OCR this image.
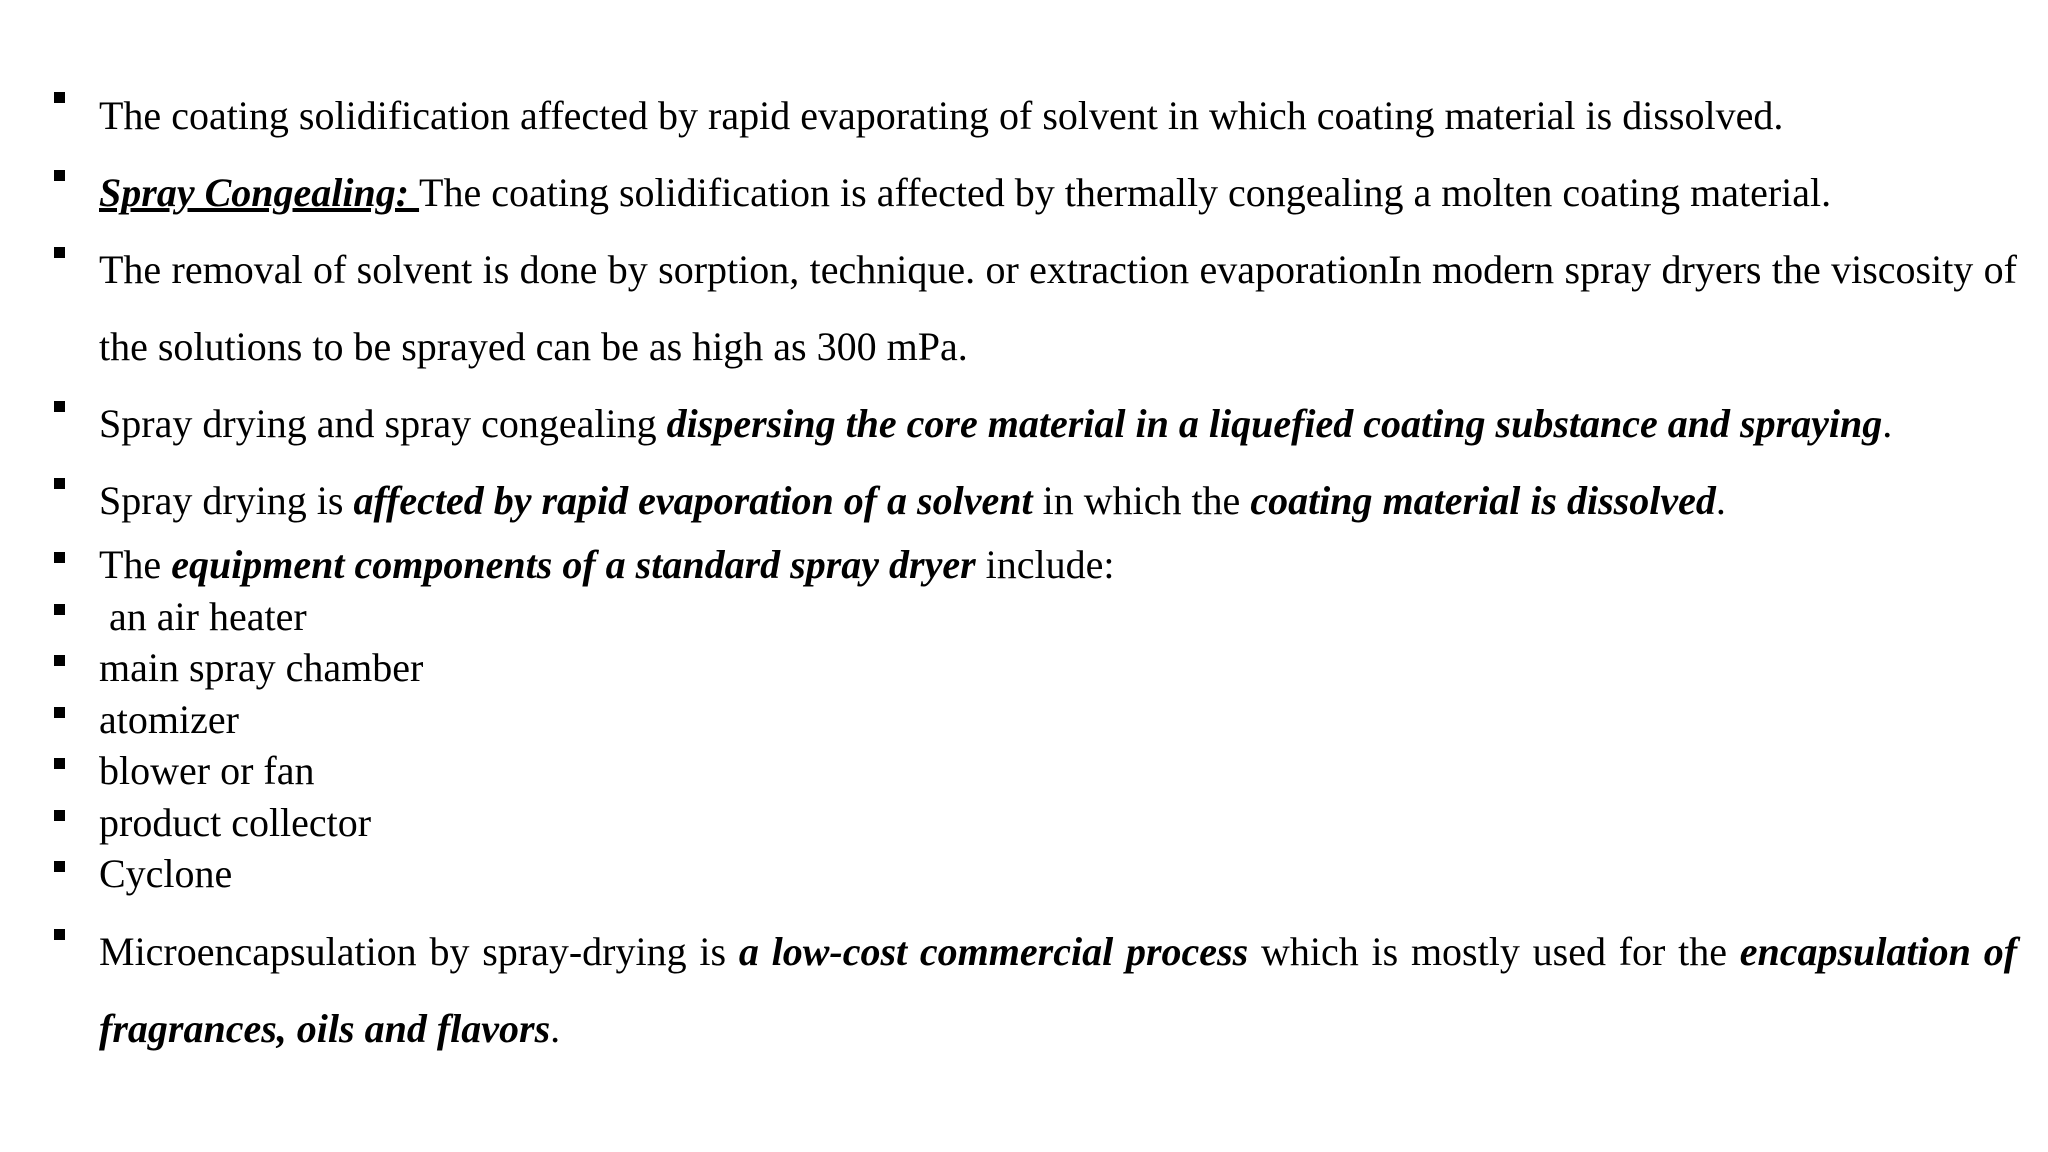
The coating solidification affected by rapid evaporating of solvent in which coating material is dissolved.
Spray Congealing: The coating solidification is affected by thermally congealing a molten coating material.
The removal of solvent is done by sorption, technique. or extraction evaporationIn modern spray dryers the viscosity of the solutions to be sprayed can be as high as 300 mPa.
Spray drying and spray congealing dispersing the core material in a liquefied coating substance and spraying.
Spray drying is affected by rapid evaporation of a solvent in which the coating material is dissolved.
The equipment components of a standard spray dryer include:
an air heater
main spray chamber
atomizer
blower or fan
product collector
Cyclone
Microencapsulation by spray-drying is a low-cost commercial process which is mostly used for the encapsulation of fragrances, oils and flavors.
